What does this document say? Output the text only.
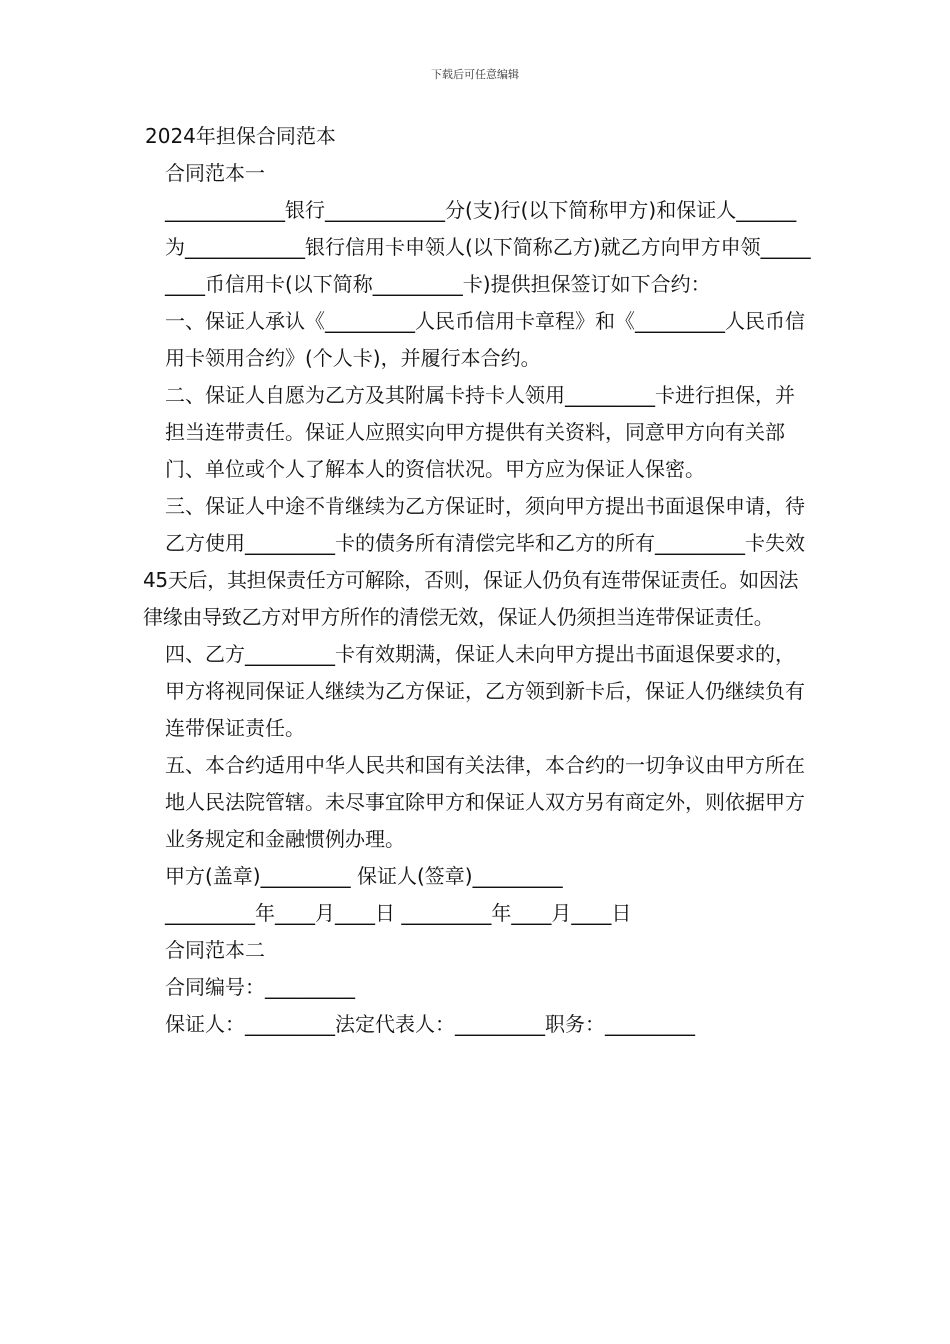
下载后可任意编辑

2024年担保合同范本

合同范本一

____________银行____________分(支)行(以下简称甲方)和保证人______为____________银行信用卡申领人(以下简称乙方)就乙方向甲方申领_________币信用卡(以下简称_________卡)提供担保签订如下合约：

一、保证人承认《_________人民币信用卡章程》和《_________人民币信用卡领用合约》(个人卡)，并履行本合约。

二、保证人自愿为乙方及其附属卡持卡人领用_________卡进行担保，并担当连带责任。保证人应照实向甲方提供有关资料，同意甲方向有关部门、单位或个人了解本人的资信状况。甲方应为保证人保密。

三、保证人中途不肯继续为乙方保证时，须向甲方提出书面退保申请，待乙方使用_________卡的债务所有清偿完毕和乙方的所有_________卡失效

45天后，其担保责任方可解除，否则，保证人仍负有连带保证责任。如因法律缘由导致乙方对甲方所作的清偿无效，保证人仍须担当连带保证责任。

四、乙方_________卡有效期满，保证人未向甲方提出书面退保要求的，甲方将视同保证人继续为乙方保证，乙方领到新卡后，保证人仍继续负有连带保证责任。

五、本合约适用中华人民共和国有关法律，本合约的一切争议由甲方所在地人民法院管辖。未尽事宜除甲方和保证人双方另有商定外，则依据甲方业务规定和金融惯例办理。

甲方(盖章)_________ 保证人(签章)_________

_________年____月____日 _________年____月____日

合同范本二

合同编号：_________

保证人：_________法定代表人：_________职务：_________
